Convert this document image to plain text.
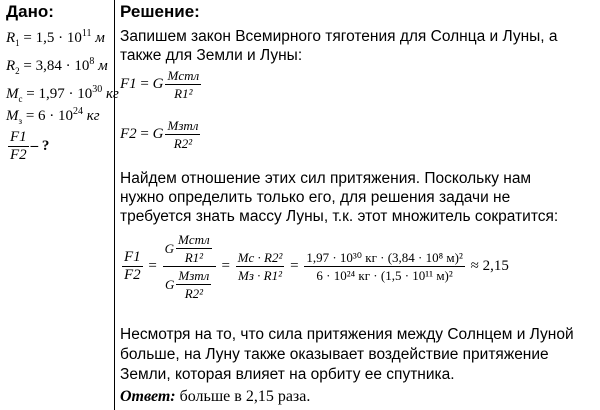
Дано:
$R_1 = 1,5 \cdot 10^{11}$ м
$R_2 = 3,84 \cdot 10^8$ м
$M_c = 1,97 \cdot 10^{30}$ кг
$M_з = 6 \cdot 10^{24}$ кг
$\frac{F1}{F2}$ – ?
Решение:
Запишем закон Всемирного тяготения для Солнца и Луны, а
также для Земли и Луны:
F1 = G $\frac{\text{Mcmл}}{\text{R1²}}$
F2 = G $\frac{\text{Mзmл}}{\text{R2²}}$
Найдем отношение этих сил притяжения. Поскольку нам
нужно определить только его, для решения задачи не
требуется знать массу Луны, т.к. этот множитель сократится:
$\frac{F1}{F2} = \frac{G \frac{\text{Mcmл}}{\text{R1²}}}{G \frac{\text{Mзmл}}{\text{R2²}}} = \frac{\text{Mc · R2²}}{\text{Mз · R1²}} = \frac{\text{1,97 · 10³⁰ кг · (3,84 · 10⁸ м)²}}{\text{6 · 10²⁴ кг · (1,5 · 10¹¹ м)²}}$
≈ 2,15
Несмотря на то, что сила притяжения между Солнцем и Луной
больше, на Луну также оказывает воздействие притяжение
Земли, которая влияет на орбиту ее спутника.
Ответ: больше в 2,15 раза.
